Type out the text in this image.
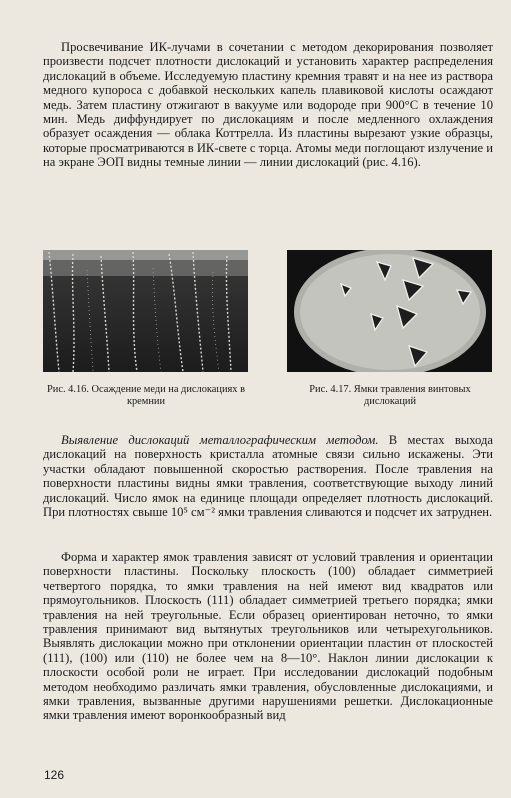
Просвечивание ИК-лучами в сочетании с методом декорирования позволяет произвести подсчет плотности дислокаций и установить характер распределения дислокаций в объеме. Исследуемую пластину кремния травят и на нее из раствора медного купороса с добавкой нескольких капель плавиковой кислоты осаждают медь. Затем пластину отжигают в вакууме или водороде при 900°С в течение 10 мин. Медь диффундирует по дислокациям и после медленного охлаждения образует осаждения — облака Коттрелла. Из пластины вырезают узкие образцы, которые просматриваются в ИК-свете с торца. Атомы меди поглощают излучение и на экране ЭОП видны темные линии — линии дислокаций (рис. 4.16).

Рис. 4.16. Осаждение меди на дислокациях в кремнии

Рис. 4.17. Ямки травления винтовых дислокаций

Выявление дислокаций металлографическим методом. В местах выхода дислокаций на поверхность кристалла атомные связи сильно искажены. Эти участки обладают повышенной скоростью растворения. После травления на поверхности пластины видны ямки травления, соответствующие выходу линий дислокаций. Число ямок на единице площади определяет плотность дислокаций. При плотностях свыше 10⁵ см⁻² ямки травления сливаются и подсчет их затруднен.

Форма и характер ямок травления зависят от условий травления и ориентации поверхности пластины. Поскольку плоскость (100) обладает симметрией четвертого порядка, то ямки травления на ней имеют вид квадратов или прямоугольников. Плоскость (111) обладает симметрией третьего порядка; ямки травления на ней треугольные. Если образец ориентирован неточно, то ямки травления принимают вид вытянутых треугольников или четырехугольников. Выявлять дислокации можно при отклонении ориентации пластин от плоскостей (111), (100) или (110) не более чем на 8—10°. Наклон линии дислокации к плоскости особой роли не играет. При исследовании дислокаций подобным методом необходимо различать ямки травления, обусловленные дислокациями, и ямки травления, вызванные другими нарушениями решетки. Дислокационные ямки травления имеют воронкообразный вид

126
